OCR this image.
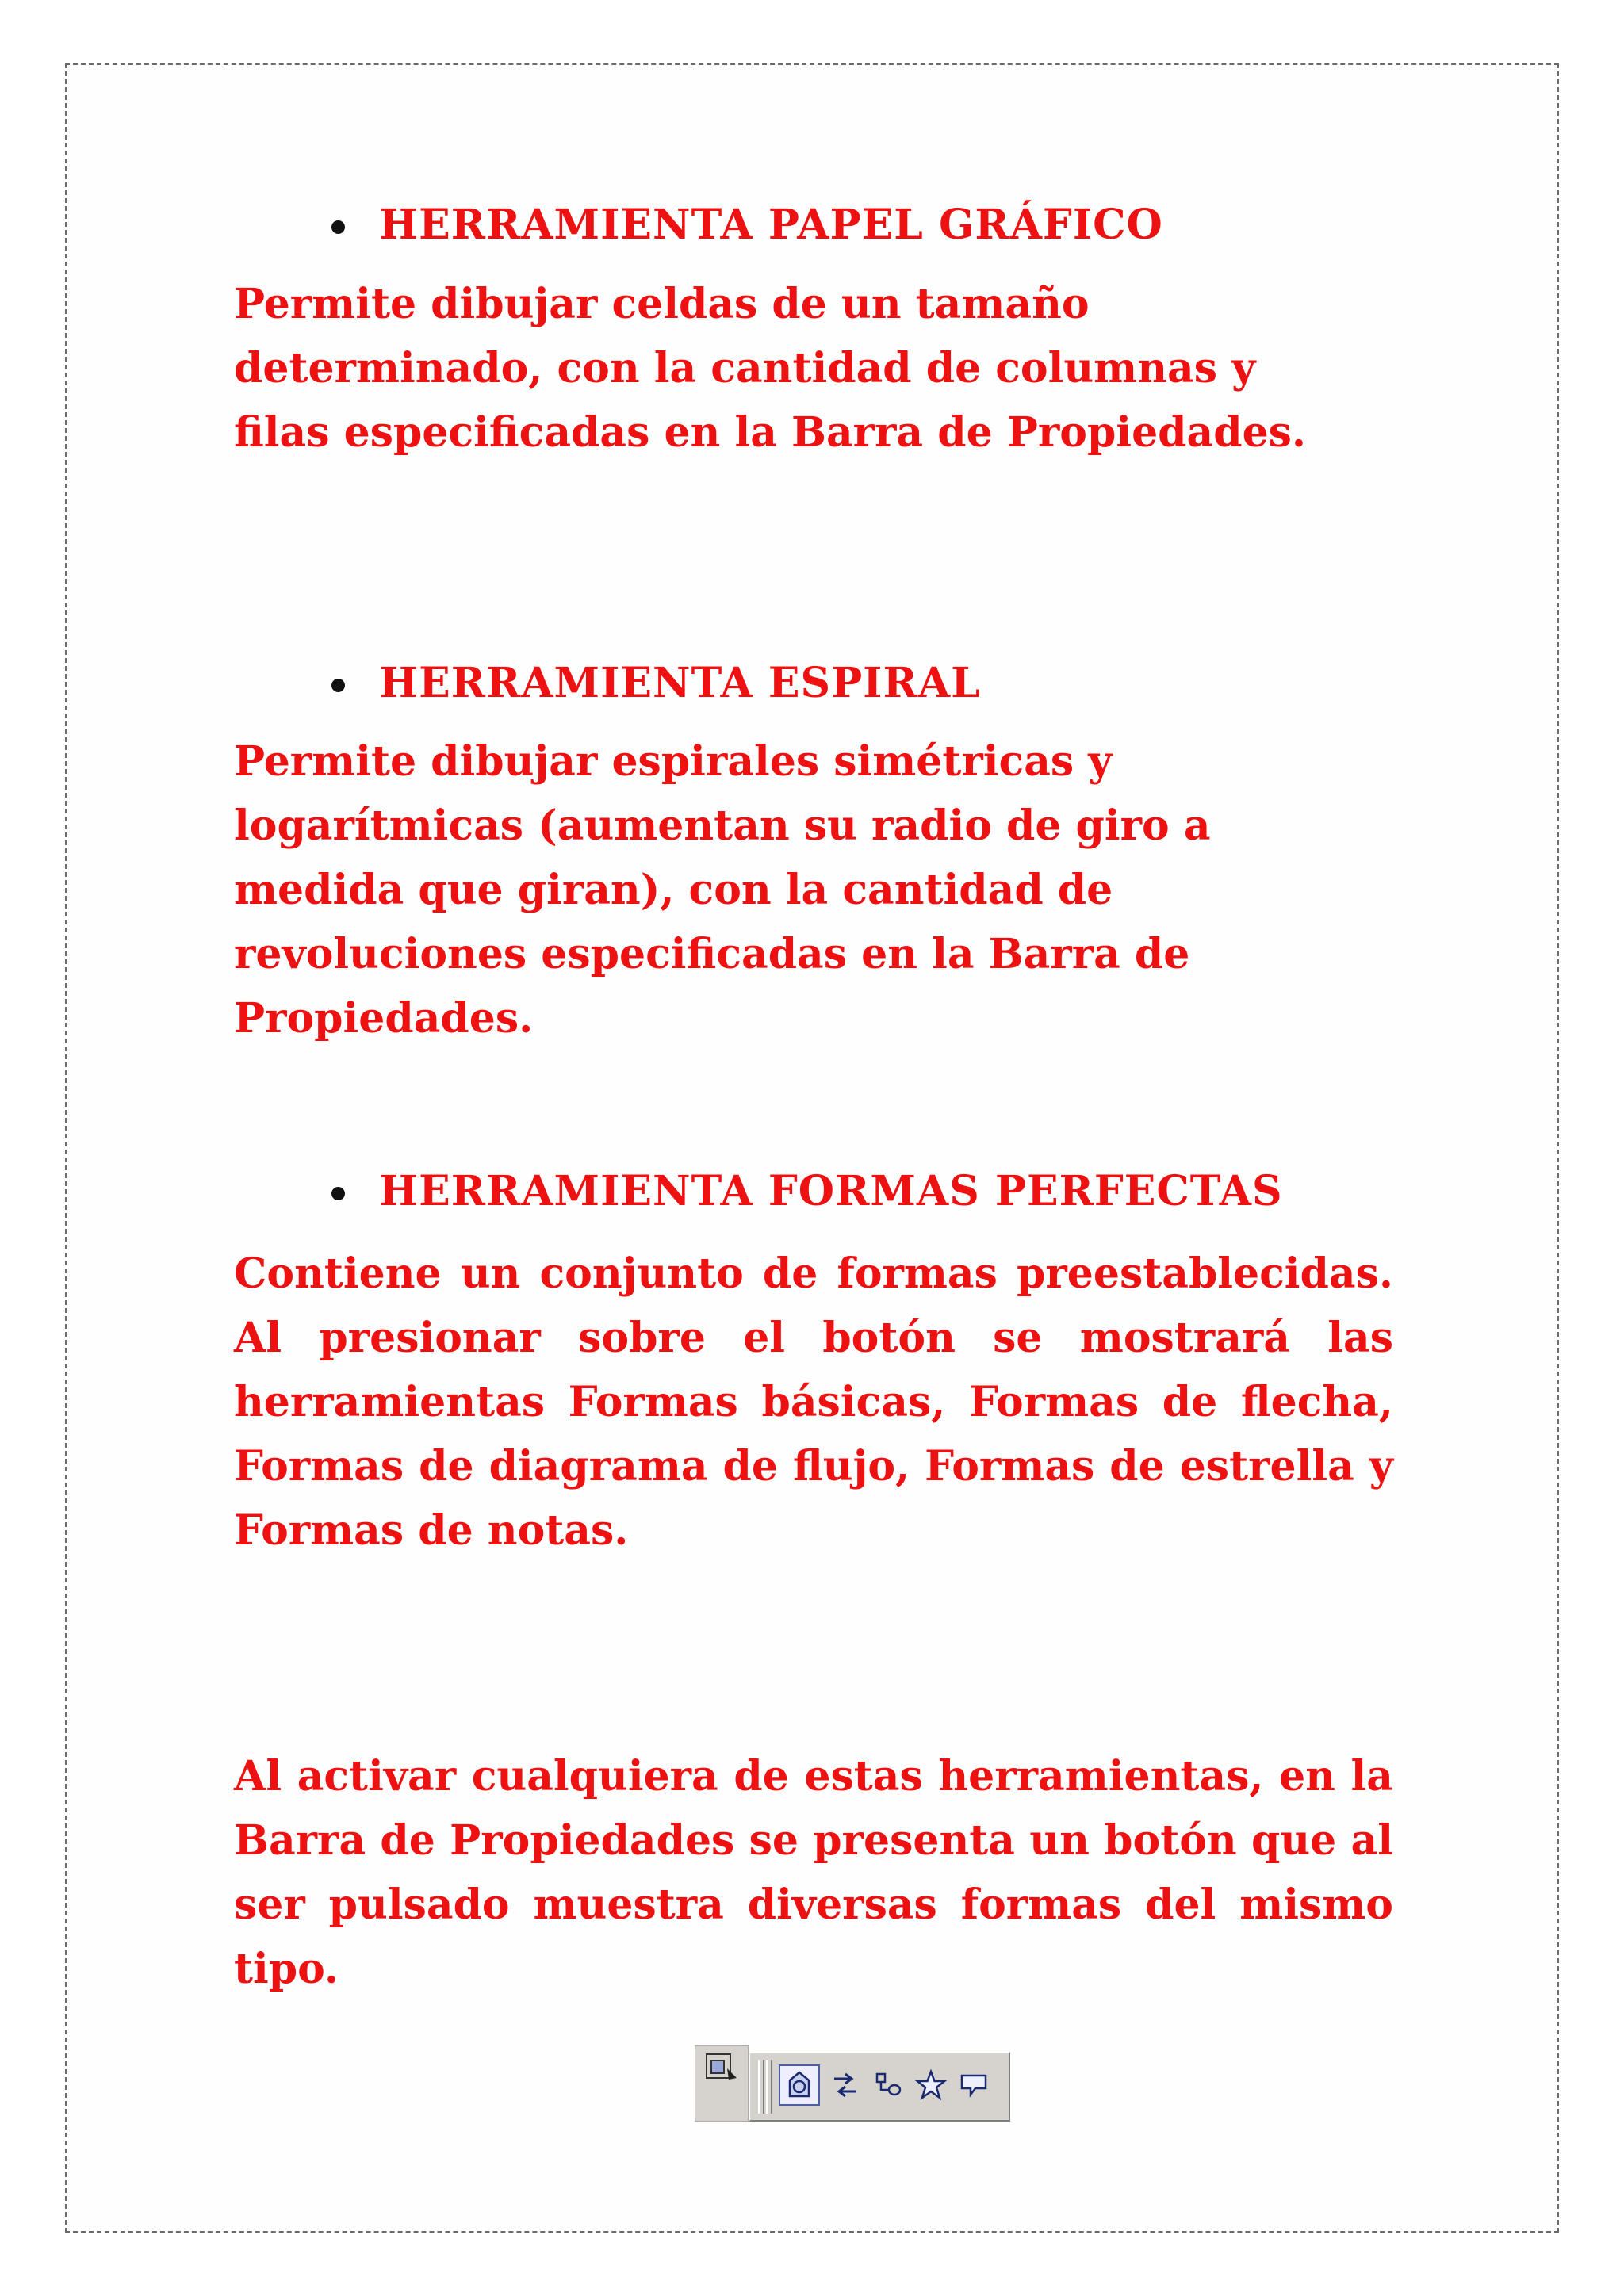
HERRAMIENTA PAPEL GRÁFICO

Permite dibujar celdas de un tamaño determinado, con la cantidad de columnas y filas especificadas en la Barra de Propiedades.

HERRAMIENTA ESPIRAL

Permite dibujar espirales simétricas y logarítmicas (aumentan su radio de giro a medida que giran), con la cantidad de revoluciones especificadas en la Barra de Propiedades.

HERRAMIENTA FORMAS PERFECTAS

Contiene un conjunto de formas preestablecidas. Al presionar sobre el botón se mostrará las herramientas Formas básicas, Formas de flecha, Formas de diagrama de flujo, Formas de estrella y Formas de notas.

Al activar cualquiera de estas herramientas, en la Barra de Propiedades se presenta un botón que al ser pulsado muestra diversas formas del mismo tipo.
